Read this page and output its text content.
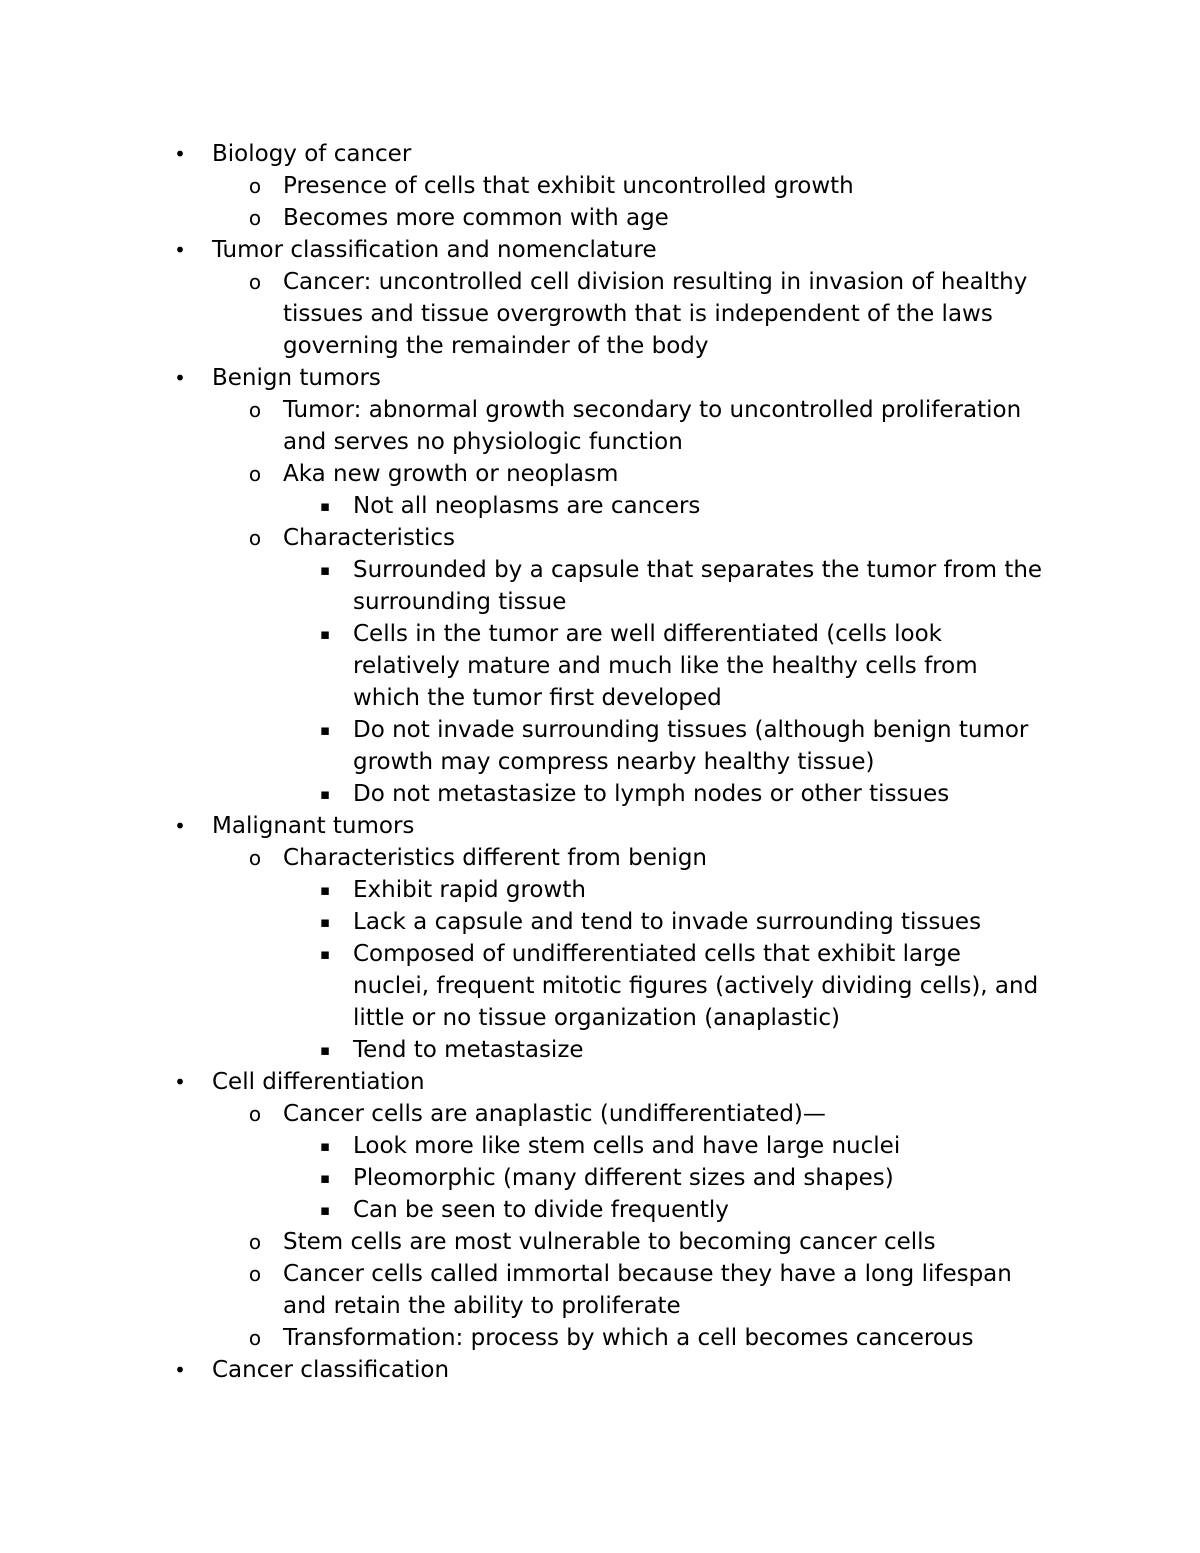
• Biology of cancer
o Presence of cells that exhibit uncontrolled growth
o Becomes more common with age
• Tumor classification and nomenclature
o Cancer: uncontrolled cell division resulting in invasion of healthy
tissues and tissue overgrowth that is independent of the laws
governing the remainder of the body
• Benign tumors
o Tumor: abnormal growth secondary to uncontrolled proliferation
and serves no physiologic function
o Aka new growth or neoplasm
▪ Not all neoplasms are cancers
o Characteristics
▪ Surrounded by a capsule that separates the tumor from the
surrounding tissue
▪ Cells in the tumor are well differentiated (cells look
relatively mature and much like the healthy cells from
which the tumor first developed
▪ Do not invade surrounding tissues (although benign tumor
growth may compress nearby healthy tissue)
▪ Do not metastasize to lymph nodes or other tissues
• Malignant tumors
o Characteristics different from benign
▪ Exhibit rapid growth
▪ Lack a capsule and tend to invade surrounding tissues
▪ Composed of undifferentiated cells that exhibit large
nuclei, frequent mitotic figures (actively dividing cells), and
little or no tissue organization (anaplastic)
▪ Tend to metastasize
• Cell differentiation
o Cancer cells are anaplastic (undifferentiated)—
▪ Look more like stem cells and have large nuclei
▪ Pleomorphic (many different sizes and shapes)
▪ Can be seen to divide frequently
o Stem cells are most vulnerable to becoming cancer cells
o Cancer cells called immortal because they have a long lifespan
and retain the ability to proliferate
o Transformation: process by which a cell becomes cancerous
• Cancer classification
